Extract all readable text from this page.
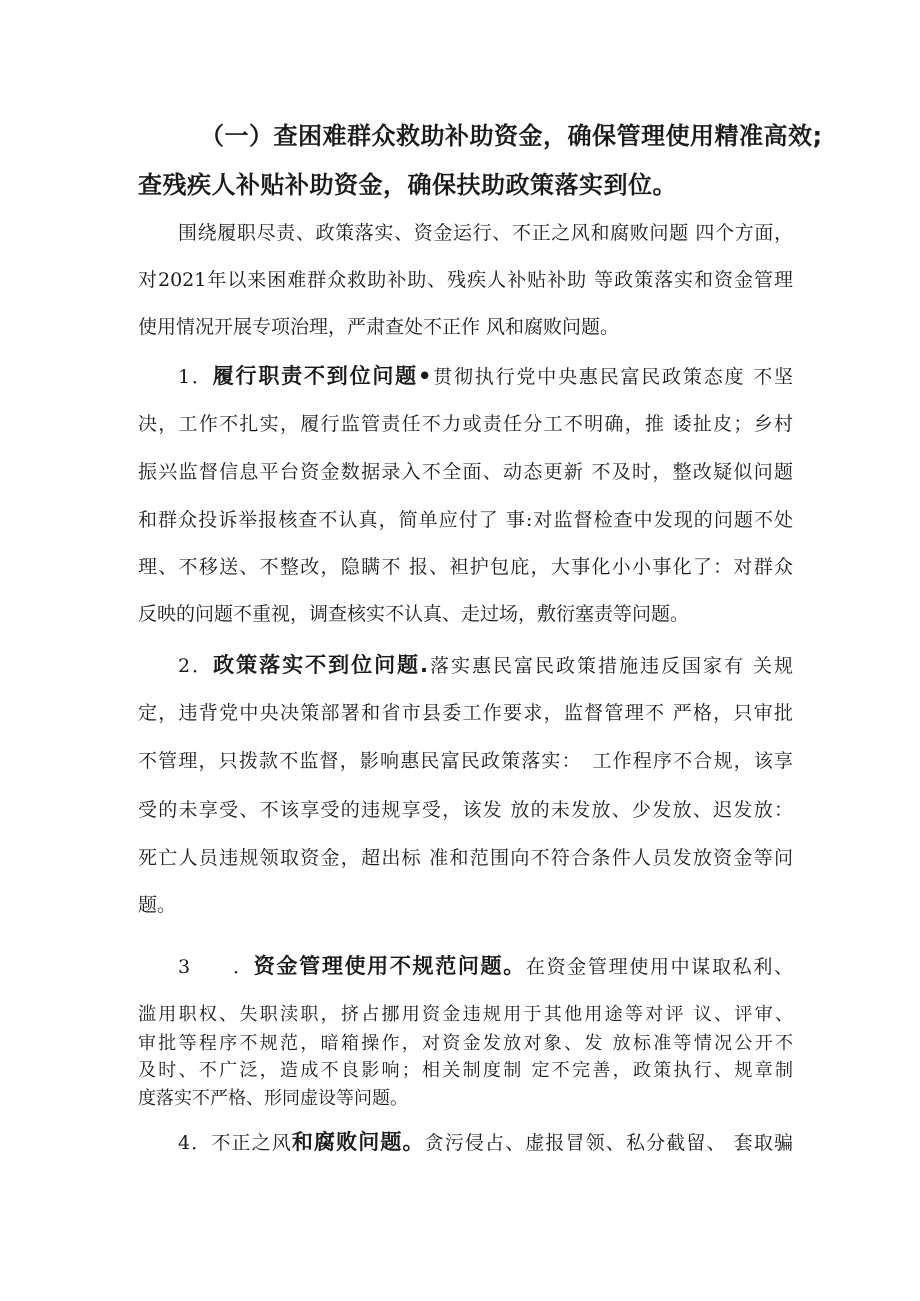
（一）查困难群众救助补助资金，确保管理使用精准高效;
查残疾人补贴补助资金，确保扶助政策落实到位。
围绕履职尽责、政策落实、资金运行、不正之风和腐败问题 四个方面，
对2021年以来困难群众救助补助、残疾人补贴补助 等政策落实和资金管理
使用情况开展专项治理，严肃查处不正作 风和腐败问题。
1．履行职责不到位问题•贯彻执行党中央惠民富民政策态度 不坚
决，工作不扎实，履行监管责任不力或责任分工不明确，推 诿扯皮；乡村
振兴监督信息平台资金数据录入不全面、动态更新 不及时，整改疑似问题
和群众投诉举报核查不认真，简单应付了 事:对监督检查中发现的问题不处
理、不移送、不整改，隐瞒不 报、袒护包庇，大事化小小事化了：对群众
反映的问题不重视，调查核实不认真、走过场，敷衍塞责等问题。
2．政策落实不到位问题.落实惠民富民政策措施违反国家有 关规
定，违背党中央决策部署和省市县委工作要求，监督管理不 严格，只审批
不管理，只拨款不监督，影响惠民富民政策落实：　工作程序不合规，该享
受的未享受、不该享受的违规享受，该发 放的未发放、少发放、迟发放：
死亡人员违规领取资金，超出标 准和范围向不符合条件人员发放资金等问
题。
3　　．资金管理使用不规范问题。在资金管理使用中谋取私利、
滥用职权、失职渎职，挤占挪用资金违规用于其他用途等对评 议、评审、
审批等程序不规范，暗箱操作，对资金发放对象、发 放标准等情况公开不
及时、不广泛，造成不良影响；相关制度制 定不完善，政策执行、规章制
度落实不严格、形同虚设等问题。
4．不正之风和腐败问题。贪污侵占、虚报冒领、私分截留、 套取骗
